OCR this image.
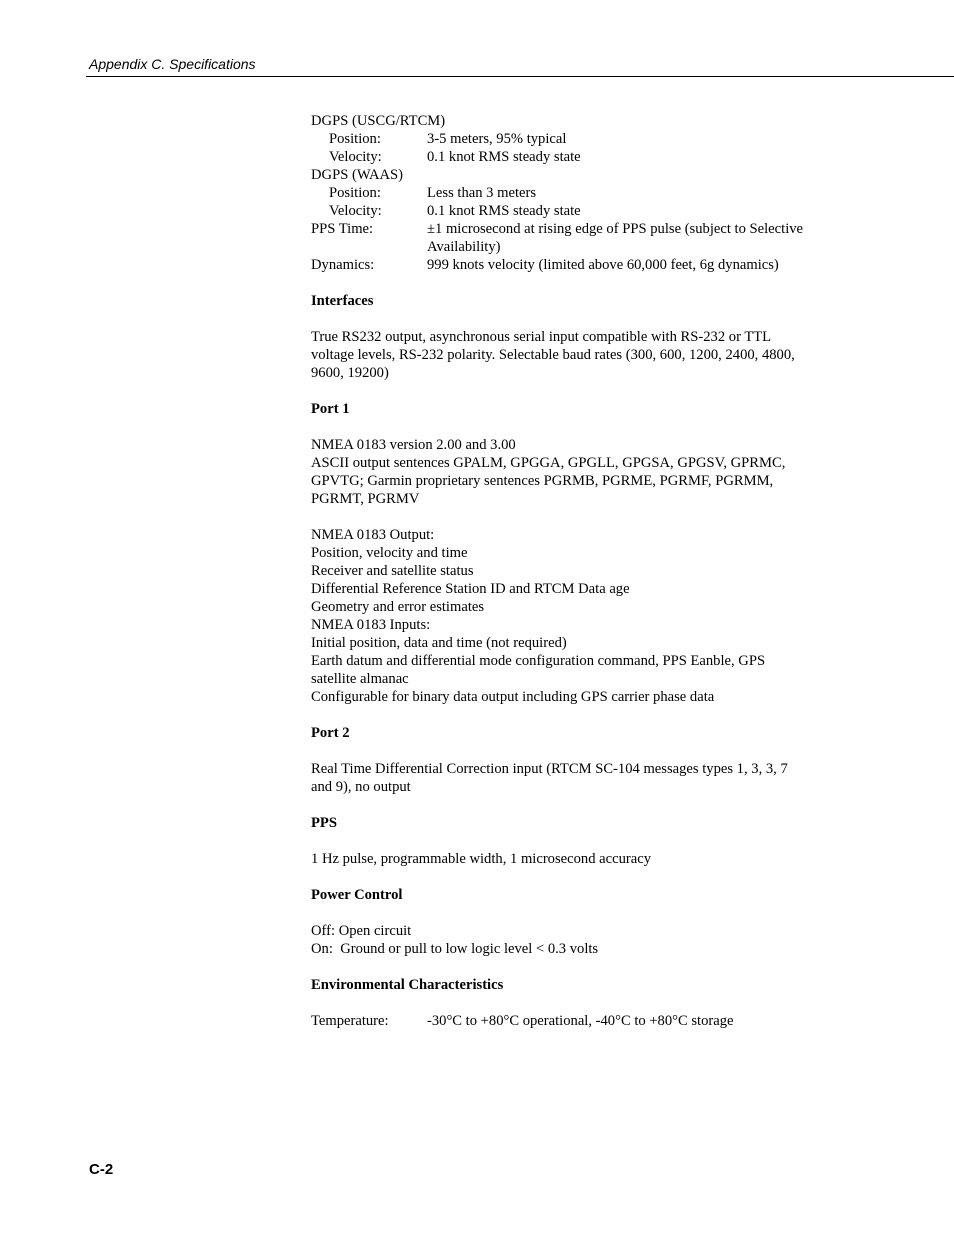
Appendix C. Specifications
DGPS (USCG/RTCM)
Position:	3-5 meters, 95% typical
Velocity:	0.1 knot RMS steady state
DGPS (WAAS)
Position:	Less than 3 meters
Velocity:	0.1 knot RMS steady state
PPS Time:	±1 microsecond at rising edge of PPS pulse (subject to Selective Availability)
Dynamics:	999 knots velocity (limited above 60,000 feet, 6g dynamics)
Interfaces
True RS232 output, asynchronous serial input compatible with RS-232 or TTL voltage levels, RS-232 polarity. Selectable baud rates (300, 600, 1200, 2400, 4800, 9600, 19200)
Port 1
NMEA 0183 version 2.00 and 3.00
ASCII output sentences GPALM, GPGGA, GPGLL, GPGSA, GPGSV, GPRMC, GPVTG; Garmin proprietary sentences PGRMB, PGRME, PGRMF, PGRMM, PGRMT, PGRMV
NMEA 0183 Output:
Position, velocity and time
Receiver and satellite status
Differential Reference Station ID and RTCM Data age
Geometry and error estimates
NMEA 0183 Inputs:
Initial position, data and time (not required)
Earth datum and differential mode configuration command, PPS Eanble, GPS satellite almanac
Configurable for binary data output including GPS carrier phase data
Port 2
Real Time Differential Correction input (RTCM SC-104 messages types 1, 3, 3, 7 and 9), no output
PPS
1 Hz pulse, programmable width, 1 microsecond accuracy
Power Control
Off: Open circuit
On:  Ground or pull to low logic level < 0.3 volts
Environmental Characteristics
Temperature:	-30°C to +80°C operational, -40°C to +80°C storage
C-2
